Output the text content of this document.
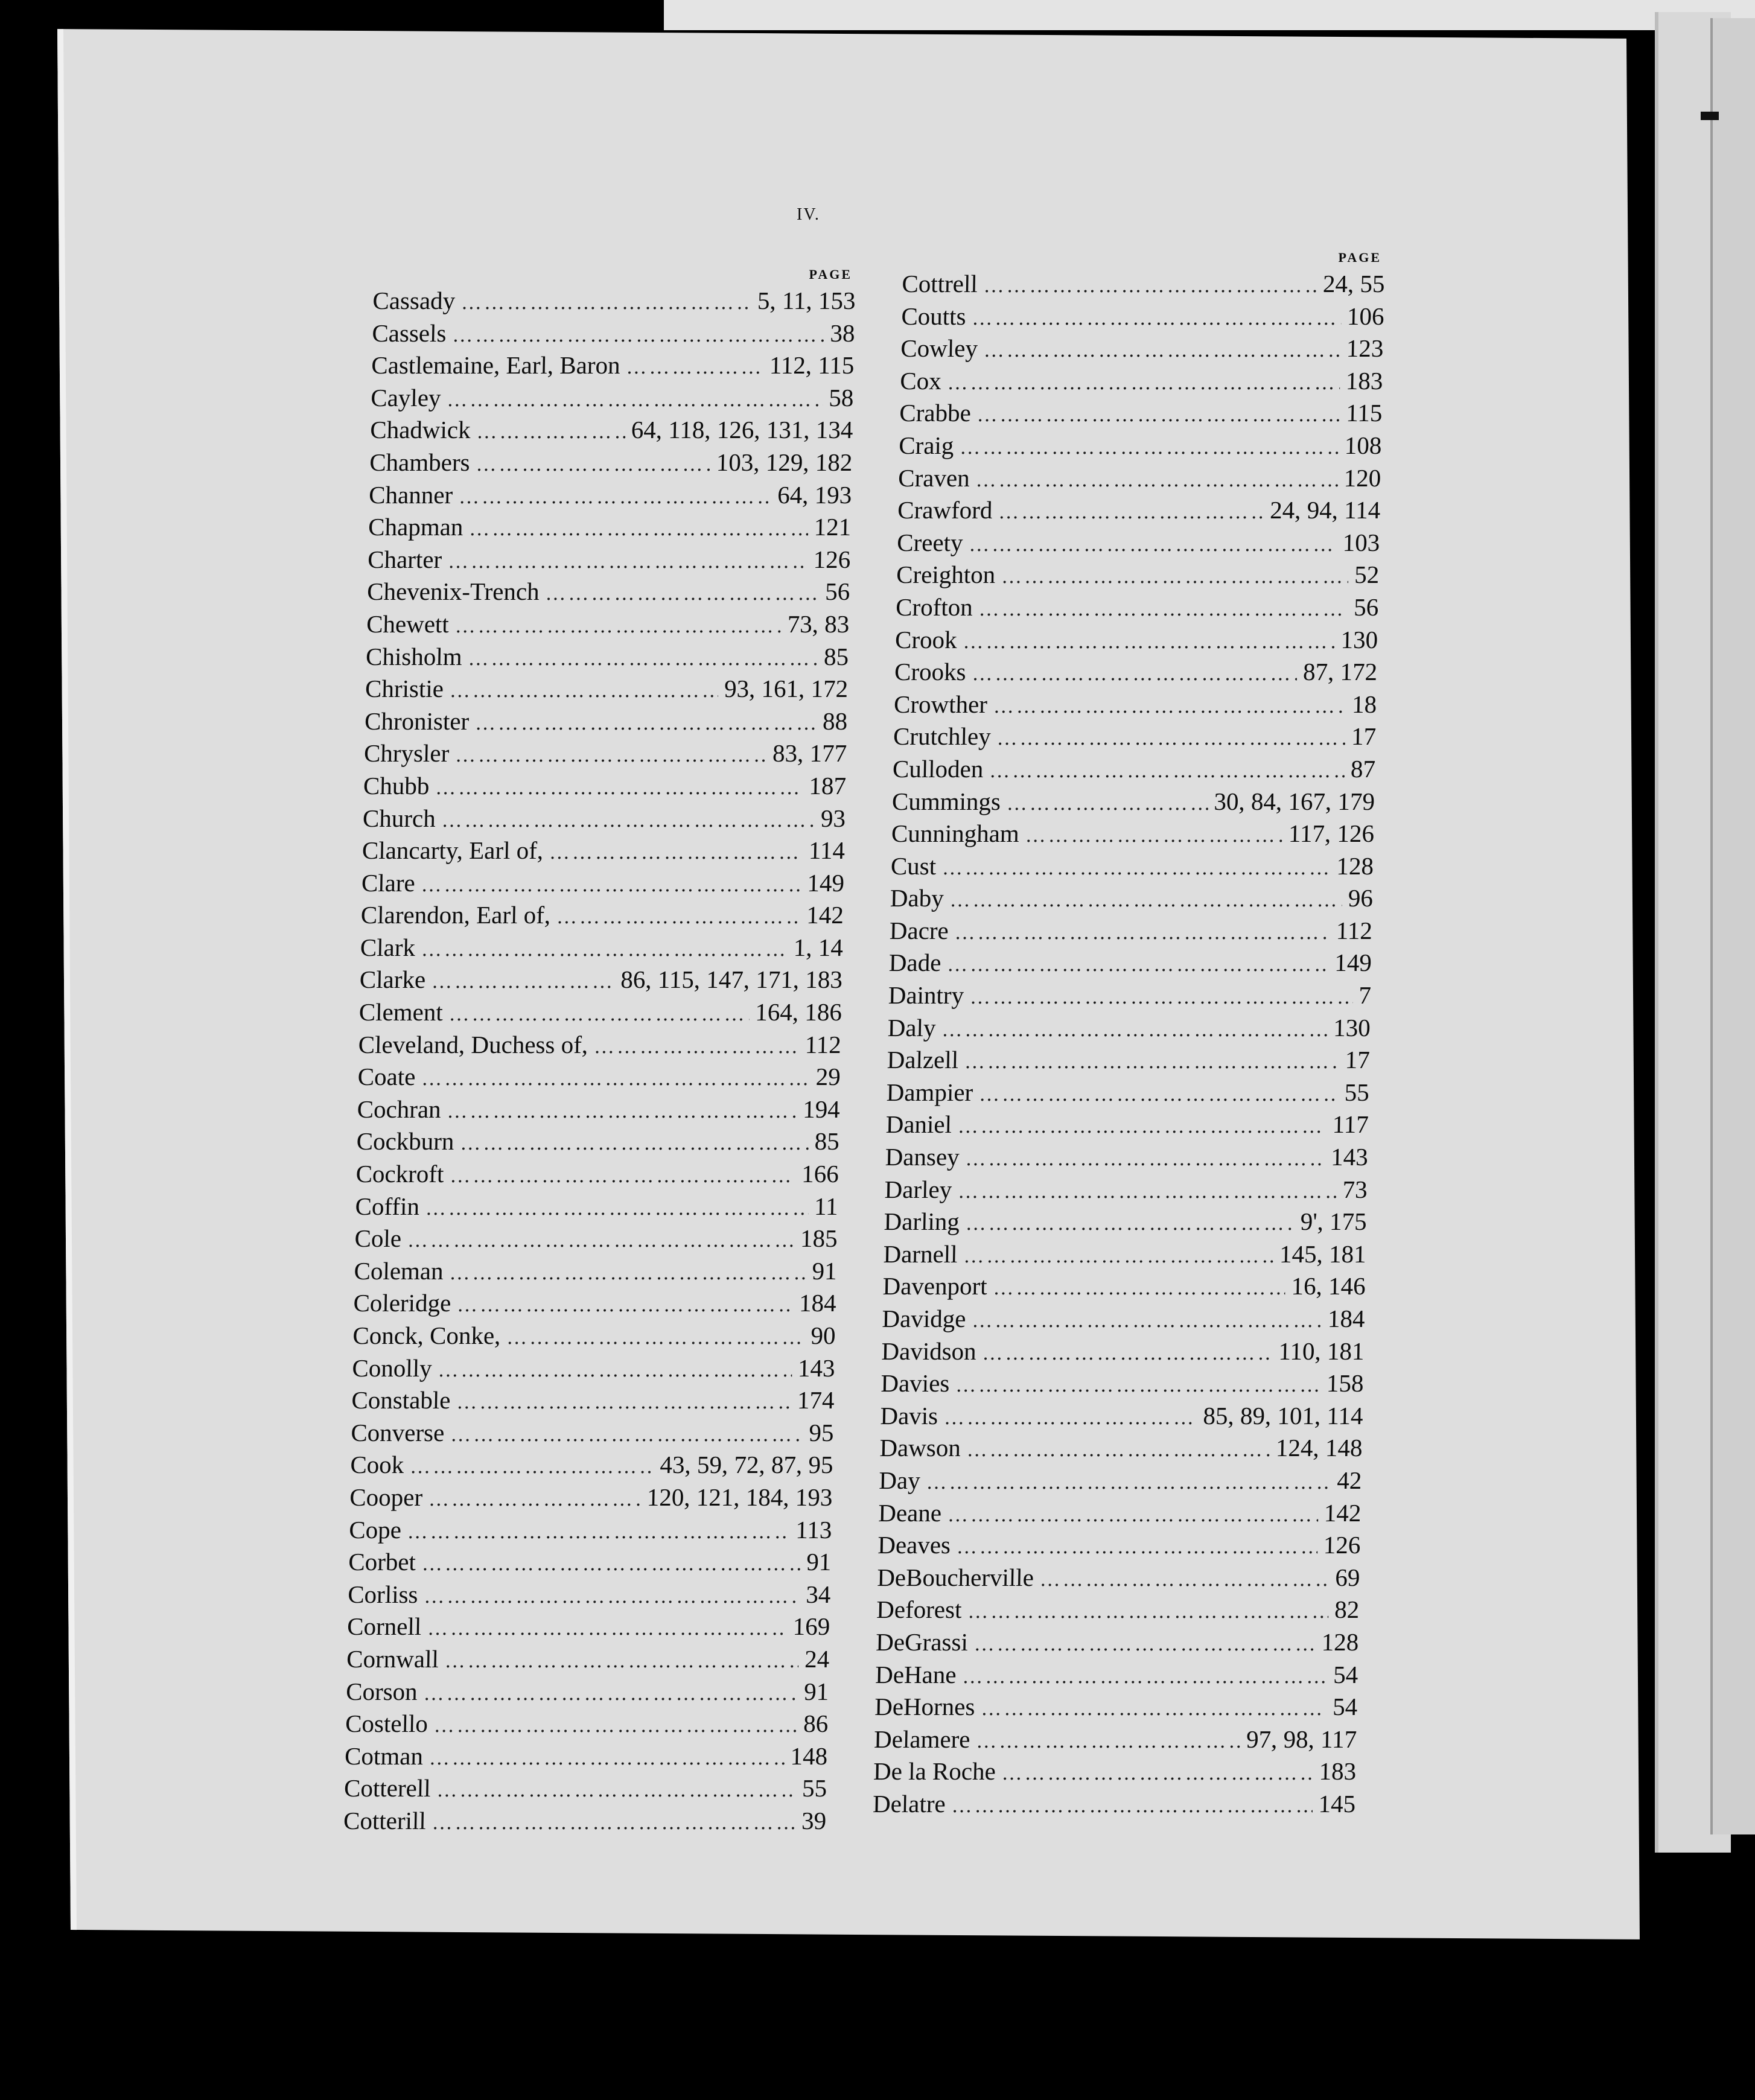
IV.
PAGE
Cassady ………………………………………………	5, 11, 153
Cassels ………………………………………………	38
Castlemaine, Earl, Baron ………………………………………………	112, 115
Cayley ………………………………………………	58
Chadwick ………………………………………………	64, 118, 126, 131, 134
Chambers ………………………………………………	103, 129, 182
Channer ………………………………………………	64, 193
Chapman ………………………………………………	121
Charter ………………………………………………	126
Chevenix-Trench ………………………………………………	56
Chewett ………………………………………………	73, 83
Chisholm ………………………………………………	85
Christie ………………………………………………	93, 161, 172
Chronister ………………………………………………	88
Chrysler ………………………………………………	83, 177
Chubb ………………………………………………	187
Church ………………………………………………	93
Clancarty, Earl of, ………………………………………………	114
Clare ………………………………………………	149
Clarendon, Earl of, ………………………………………………	142
Clark ………………………………………………	1, 14
Clarke ………………………………………………	86, 115, 147, 171, 183
Clement ………………………………………………	164, 186
Cleveland, Duchess of, ………………………………………………	112
Coate ………………………………………………	29
Cochran ………………………………………………	194
Cockburn ………………………………………………	85
Cockroft ………………………………………………	166
Coffin ………………………………………………	11
Cole ………………………………………………	185
Coleman ………………………………………………	91
Coleridge ………………………………………………	184
Conck, Conke, ………………………………………………	90
Conolly ………………………………………………	143
Constable ………………………………………………	174
Converse ………………………………………………	95
Cook ………………………………………………	43, 59, 72, 87, 95
Cooper ………………………………………………	120, 121, 184, 193
Cope ………………………………………………	113
Corbet ………………………………………………	91
Corliss ………………………………………………	34
Cornell ………………………………………………	169
Cornwall ………………………………………………	24
Corson ………………………………………………	91
Costello ………………………………………………	86
Cotman ………………………………………………	148
Cotterell ………………………………………………	55
Cotterill ………………………………………………	39
PAGE
Cottrell ………………………………………………	24, 55
Coutts ………………………………………………	106
Cowley ………………………………………………	123
Cox ………………………………………………	183
Crabbe ………………………………………………	115
Craig ………………………………………………	108
Craven ………………………………………………	120
Crawford ………………………………………………	24, 94, 114
Creety ………………………………………………	103
Creighton ………………………………………………	52
Crofton ………………………………………………	56
Crook ………………………………………………	130
Crooks ………………………………………………	87, 172
Crowther ………………………………………………	18
Crutchley ………………………………………………	17
Culloden ………………………………………………	87
Cummings ………………………………………………	30, 84, 167, 179
Cunningham ………………………………………………	117, 126
Cust ………………………………………………	128
Daby ………………………………………………	96
Dacre ………………………………………………	112
Dade ………………………………………………	149
Daintry ………………………………………………	7
Daly ………………………………………………	130
Dalzell ………………………………………………	17
Dampier ………………………………………………	55
Daniel ………………………………………………	117
Dansey ………………………………………………	143
Darley ………………………………………………	73
Darling ………………………………………………	9', 175
Darnell ………………………………………………	145, 181
Davenport ………………………………………………	16, 146
Davidge ………………………………………………	184
Davidson ………………………………………………	110, 181
Davies ………………………………………………	158
Davis ………………………………………………	85, 89, 101, 114
Dawson ………………………………………………	124, 148
Day ………………………………………………	42
Deane ………………………………………………	142
Deaves ………………………………………………	126
DeBoucherville ………………………………………………	69
Deforest ………………………………………………	82
DeGrassi ………………………………………………	128
DeHane ………………………………………………	54
DeHornes ………………………………………………	54
Delamere ………………………………………………	97, 98, 117
De la Roche ………………………………………………	183
Delatre ………………………………………………	145
